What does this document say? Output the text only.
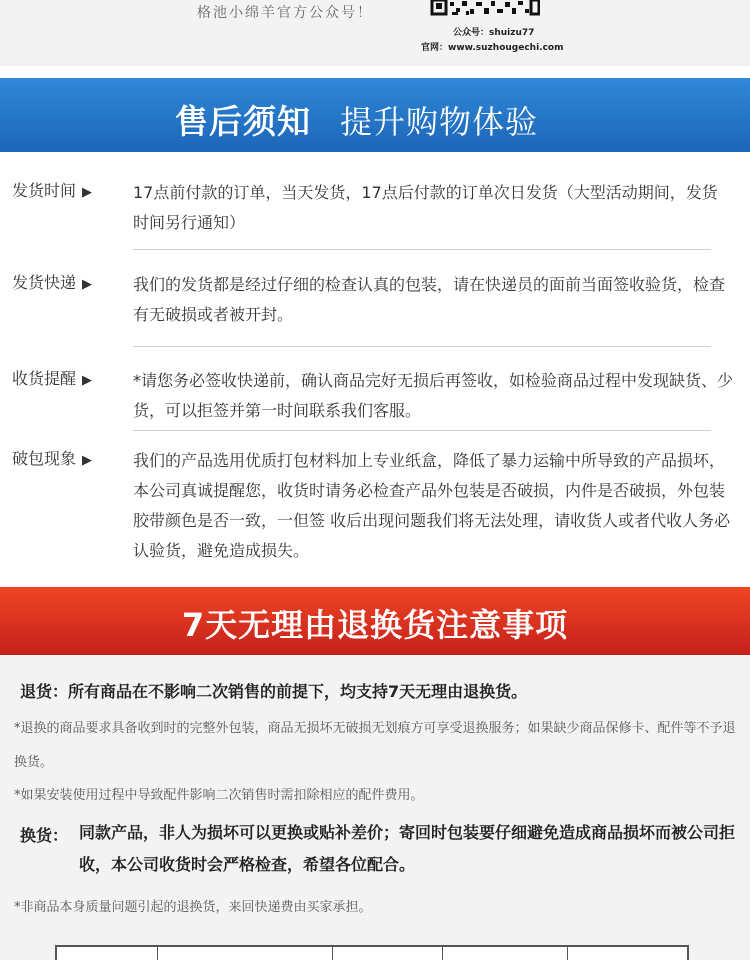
格池小绵羊官方公众号！
公众号：shuizu77
官网：www.suzhougechi.com
售后须知 提升购物体验
发货时间 ▶	17点前付款的订单，当天发货，17点后付款的订单次日发货（大型活动期间，发货时间另行通知）
发货快递 ▶	我们的发货都是经过仔细的检查认真的包装，请在快递员的面前当面签收验货，检查有无破损或者被开封。
收货提醒 ▶	*请您务必签收快递前，确认商品完好无损后再签收，如检验商品过程中发现缺货、少货，可以拒签并第一时间联系我们客服。
破包现象 ▶	我们的产品选用优质打包材料加上专业纸盒，降低了暴力运输中所导致的产品损坏，本公司真诚提醒您，收货时请务必检查产品外包装是否破损，内件是否破损，外包装胶带颜色是否一致，一但签 收后出现问题我们将无法处理，请收货人或者代收人务必认验货，避免造成损失。
7天无理由退换货注意事项
退货：所有商品在不影响二次销售的前提下，均支持7天无理由退换货。
*退换的商品要求具备收到时的完整外包装，商品无损坏无破损无划痕方可享受退换服务；如果缺少商品保修卡、配件等不予退换货。
*如果安装使用过程中导致配件影响二次销售时需扣除相应的配件费用。
换货： 同款产品，非人为损坏可以更换或贴补差价；寄回时包装要仔细避免造成商品损坏而被公司拒收，本公司收货时会严格检查，希望各位配合。
*非商品本身质量问题引起的退换货，来回快递费由买家承担。
